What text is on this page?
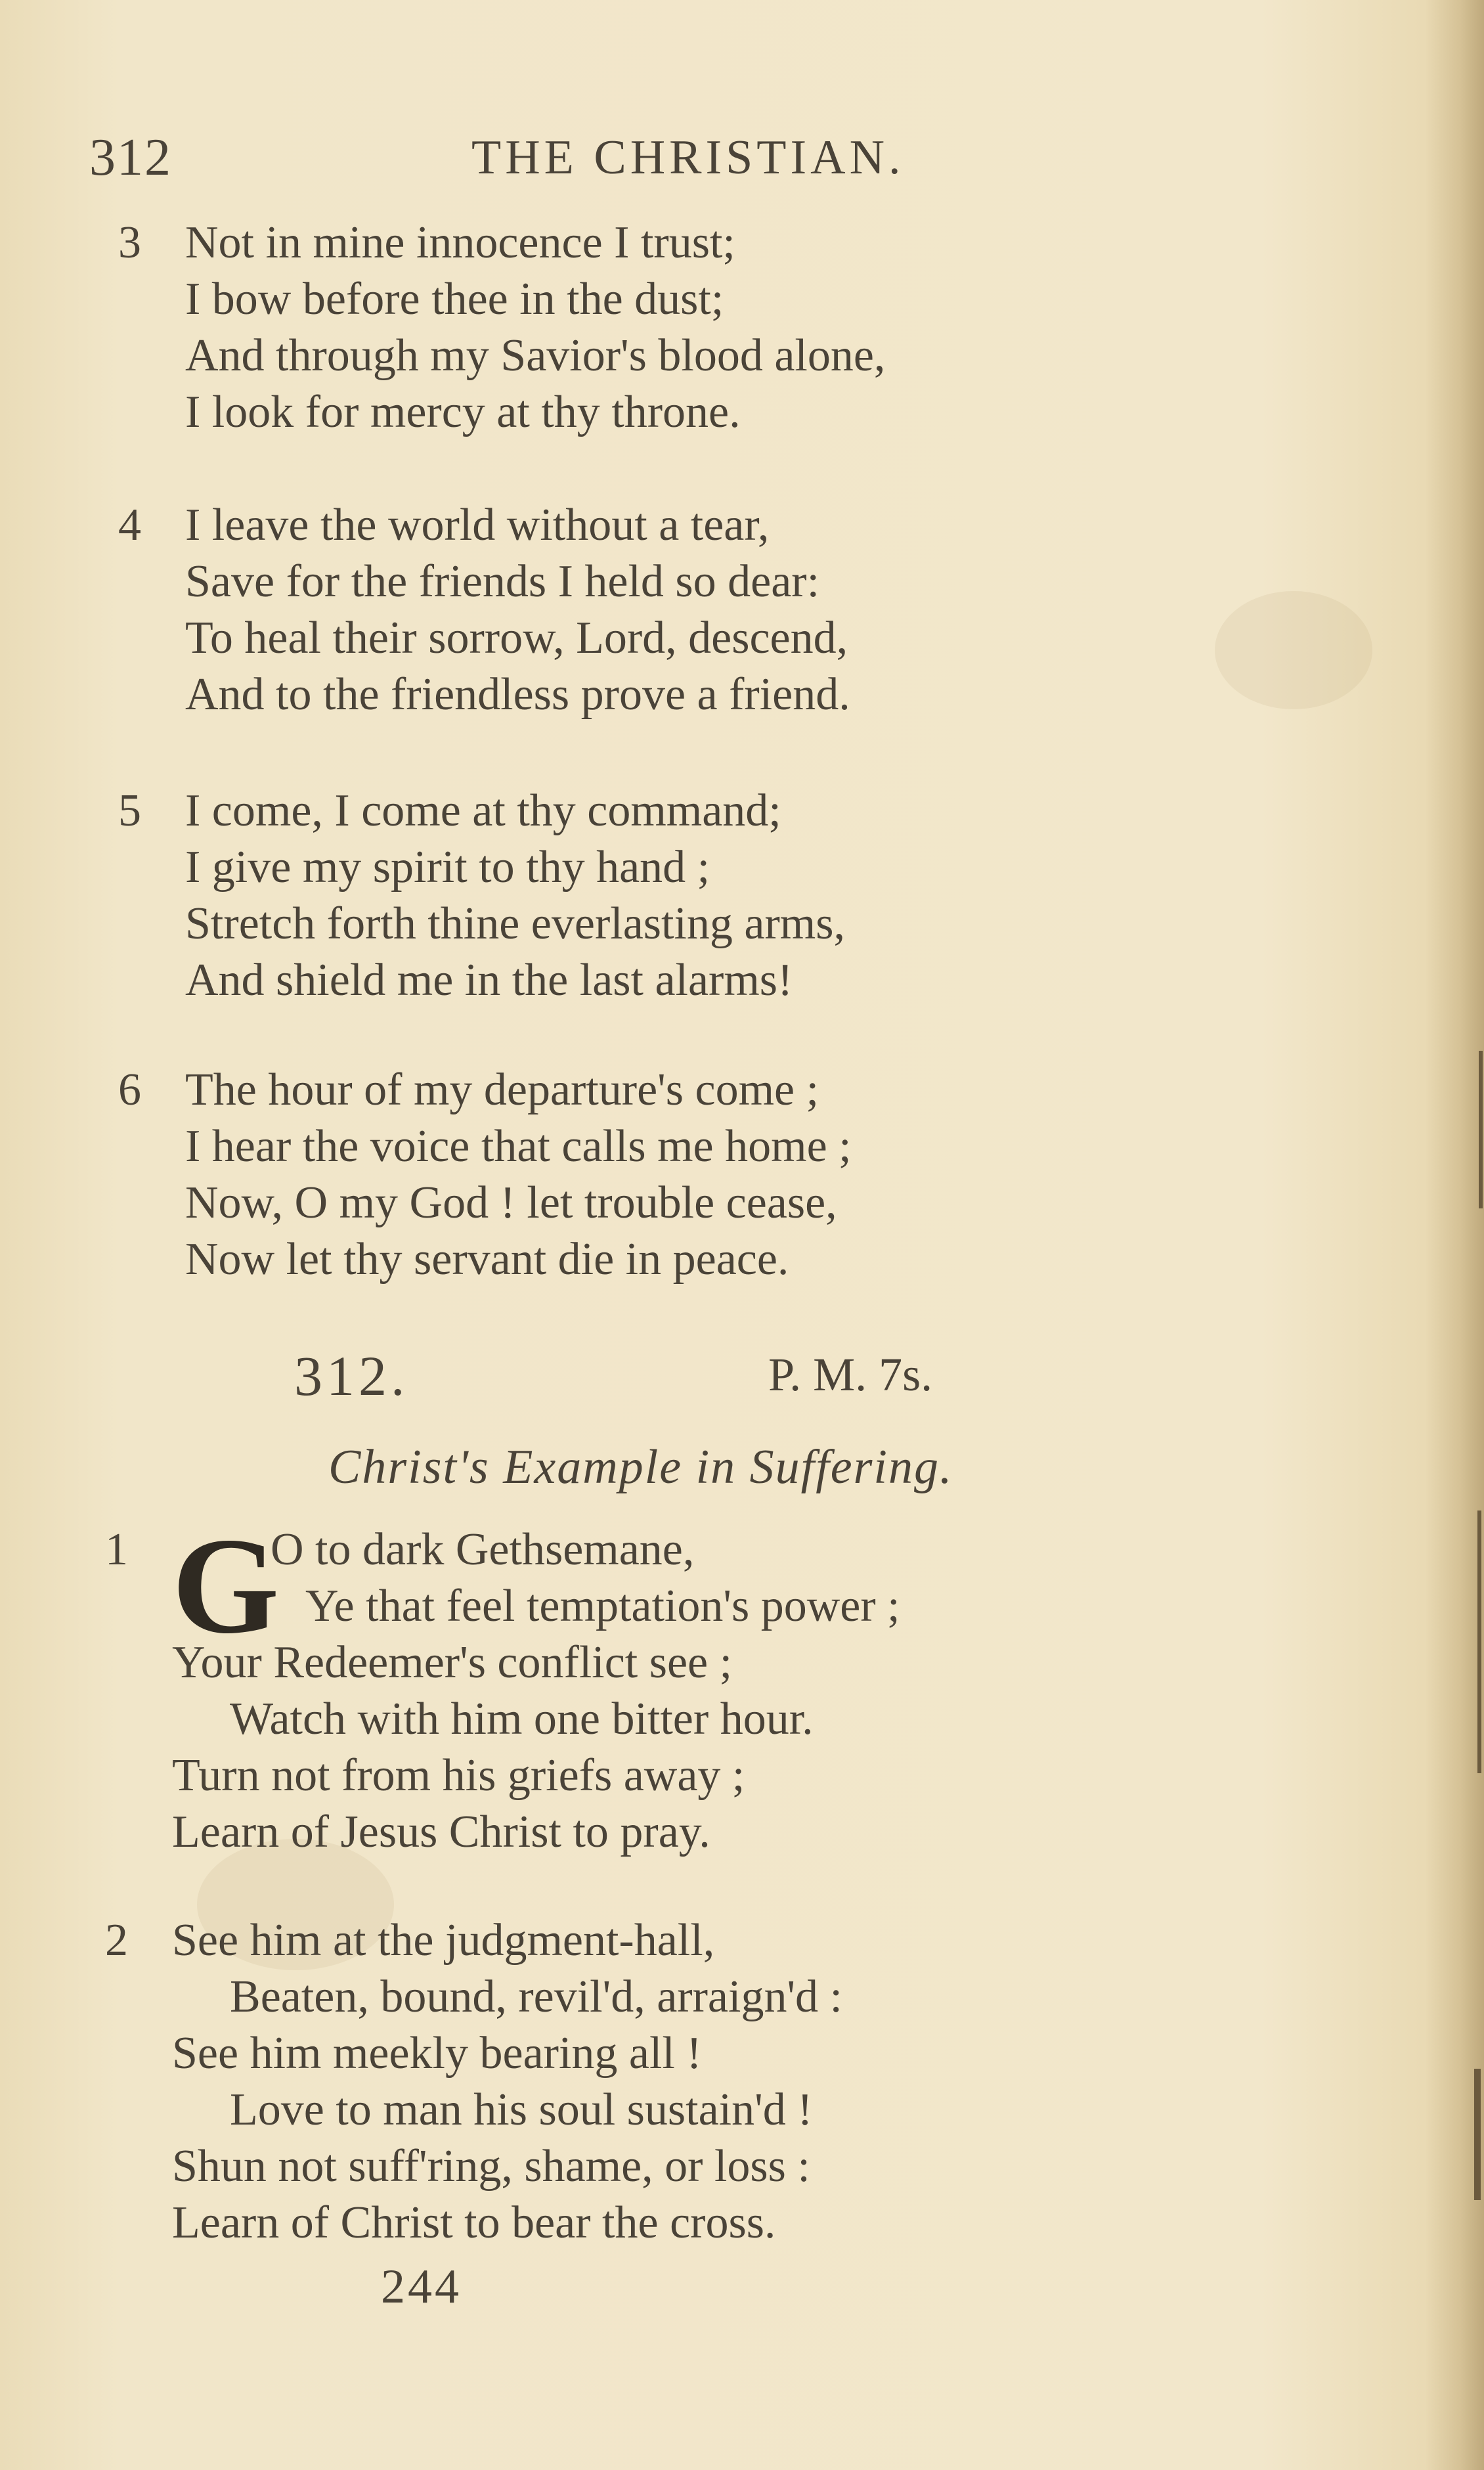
312	THE CHRISTIAN.
3 Not in mine innocence I trust;
I bow before thee in the dust;
And through my Savior's blood alone,
I look for mercy at thy throne.
4 I leave the world without a tear,
Save for the friends I held so dear:
To heal their sorrow, Lord, descend,
And to the friendless prove a friend.
5 I come, I come at thy command;
I give my spirit to thy hand ;
Stretch forth thine everlasting arms,
And shield me in the last alarms!
6 The hour of my departure's come ;
I hear the voice that calls me home ;
Now, O my God ! let trouble cease,
Now let thy servant die in peace.
312.	P. M. 7s.
Christ's Example in Suffering.
G
1	O to dark Gethsemane,
Ye that feel temptation's power ;
Your Redeemer's conflict see ;
Watch with him one bitter hour.
Turn not from his griefs away ;
Learn of Jesus Christ to pray.
2 See him at the judgment-hall,
Beaten, bound, revil'd, arraign'd :
See him meekly bearing all !
Love to man his soul sustain'd !
Shun not suff'ring, shame, or loss :
Learn of Christ to bear the cross.
244
